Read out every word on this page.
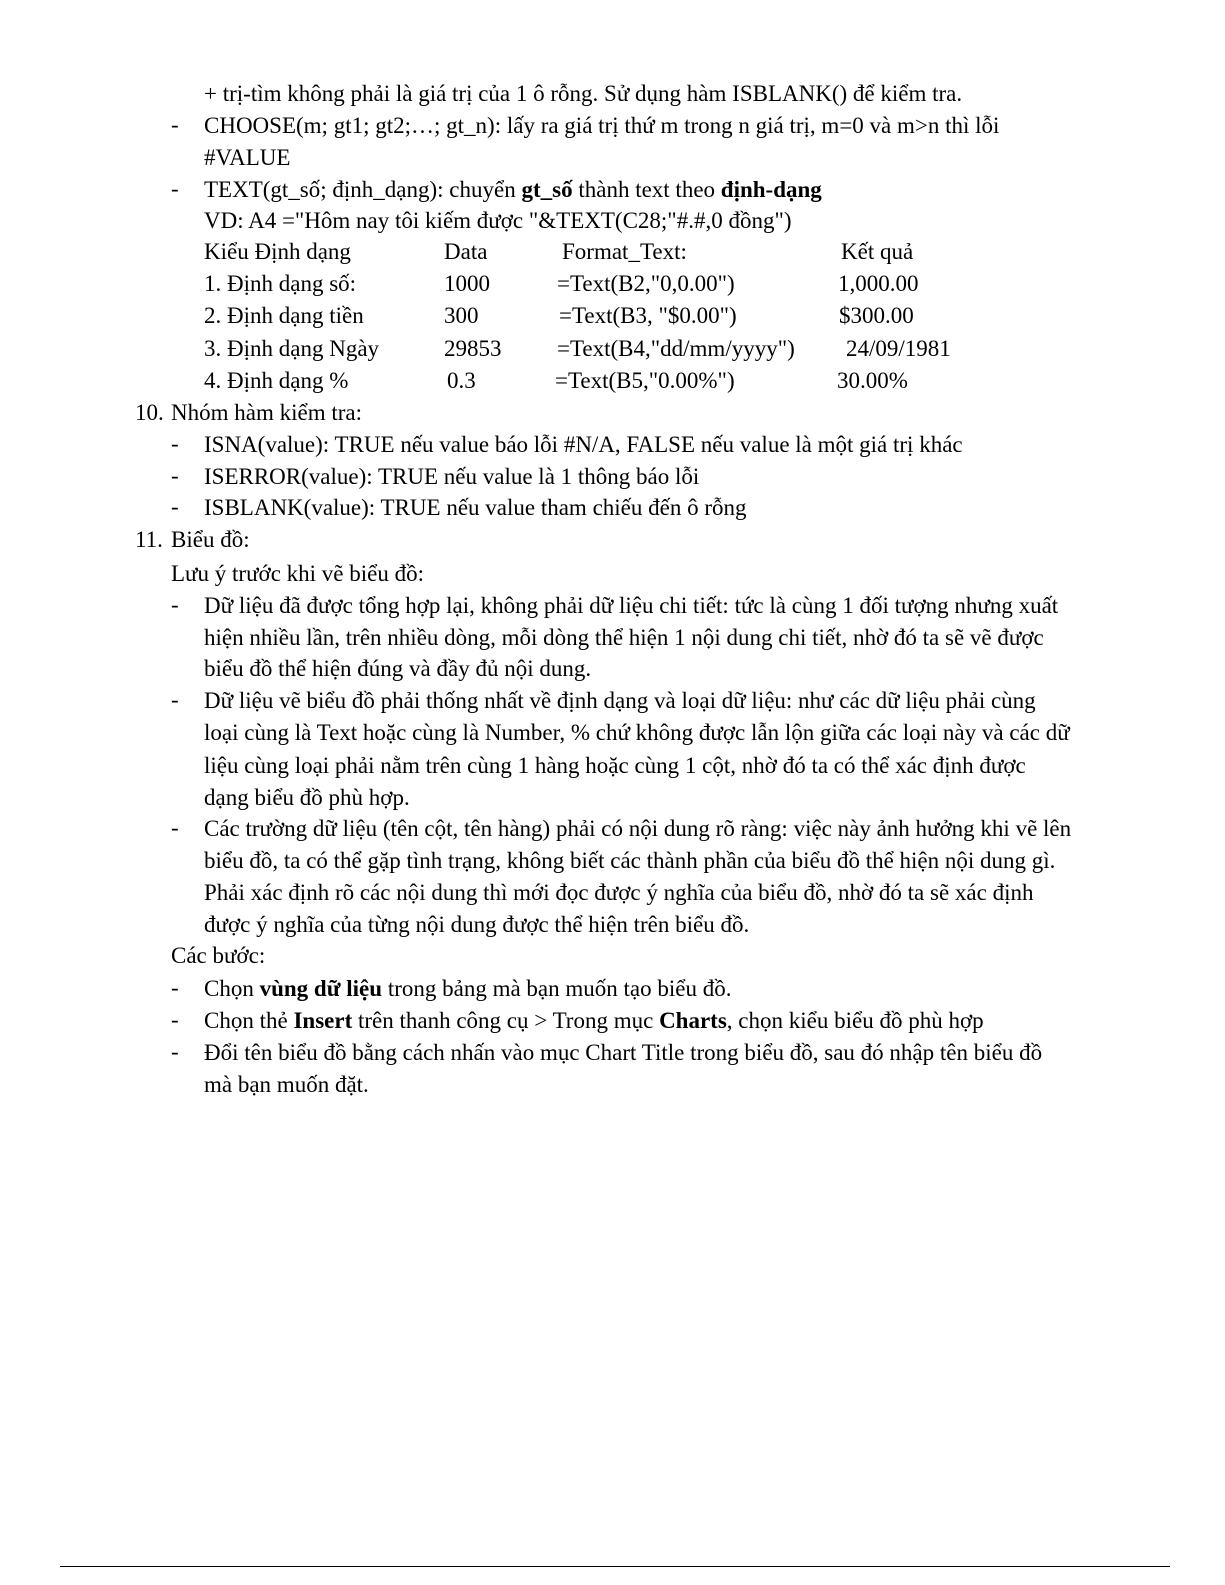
+ trị-tìm không phải là giá trị của 1 ô rỗng. Sử dụng hàm ISBLANK() để kiểm tra.
- CHOOSE(m; gt1; gt2;…; gt_n): lấy ra giá trị thứ m trong n giá trị, m=0 và m>n thì lỗi
#VALUE
- TEXT(gt_số; định_dạng): chuyển gt_số thành text theo định-dạng
VD: A4 ="Hôm nay tôi kiếm được "&TEXT(C28;"#.#,0 đồng")
Kiểu Định dạng	Data	Format_Text:	Kết quả
1. Định dạng số:	1000	=Text(B2,"0,0.00")	1,000.00
2. Định dạng tiền	300	=Text(B3, "$0.00")	$300.00
3. Định dạng Ngày	29853 =Text(B4,"dd/mm/yyyy") 24/09/1981
4. Định dạng %	0.3	=Text(B5,"0.00%")	30.00%
10. Nhóm hàm kiểm tra:
- ISNA(value): TRUE nếu value báo lỗi #N/A, FALSE nếu value là một giá trị khác
- ISERROR(value): TRUE nếu value là 1 thông báo lỗi
- ISBLANK(value): TRUE nếu value tham chiếu đến ô rỗng
11. Biểu đồ:
Lưu ý trước khi vẽ biểu đồ:
- Dữ liệu đã được tổng hợp lại, không phải dữ liệu chi tiết: tức là cùng 1 đối tượng nhưng xuất
hiện nhiều lần, trên nhiều dòng, mỗi dòng thể hiện 1 nội dung chi tiết, nhờ đó ta sẽ vẽ được
biểu đồ thể hiện đúng và đầy đủ nội dung.
- Dữ liệu vẽ biểu đồ phải thống nhất về định dạng và loại dữ liệu: như các dữ liệu phải cùng
loại cùng là Text hoặc cùng là Number, % chứ không được lẫn lộn giữa các loại này và các dữ
liệu cùng loại phải nằm trên cùng 1 hàng hoặc cùng 1 cột, nhờ đó ta có thể xác định được
dạng biểu đồ phù hợp.
- Các trường dữ liệu (tên cột, tên hàng) phải có nội dung rõ ràng: việc này ảnh hưởng khi vẽ lên
biểu đồ, ta có thể gặp tình trạng, không biết các thành phần của biểu đồ thể hiện nội dung gì.
Phải xác định rõ các nội dung thì mới đọc được ý nghĩa của biểu đồ, nhờ đó ta sẽ xác định
được ý nghĩa của từng nội dung được thể hiện trên biểu đồ.
Các bước:
- Chọn vùng dữ liệu trong bảng mà bạn muốn tạo biểu đồ.
- Chọn thẻ Insert trên thanh công cụ > Trong mục Charts, chọn kiểu biểu đồ phù hợp
- Đổi tên biểu đồ bằng cách nhấn vào mục Chart Title trong biểu đồ, sau đó nhập tên biểu đồ
mà bạn muốn đặt.
